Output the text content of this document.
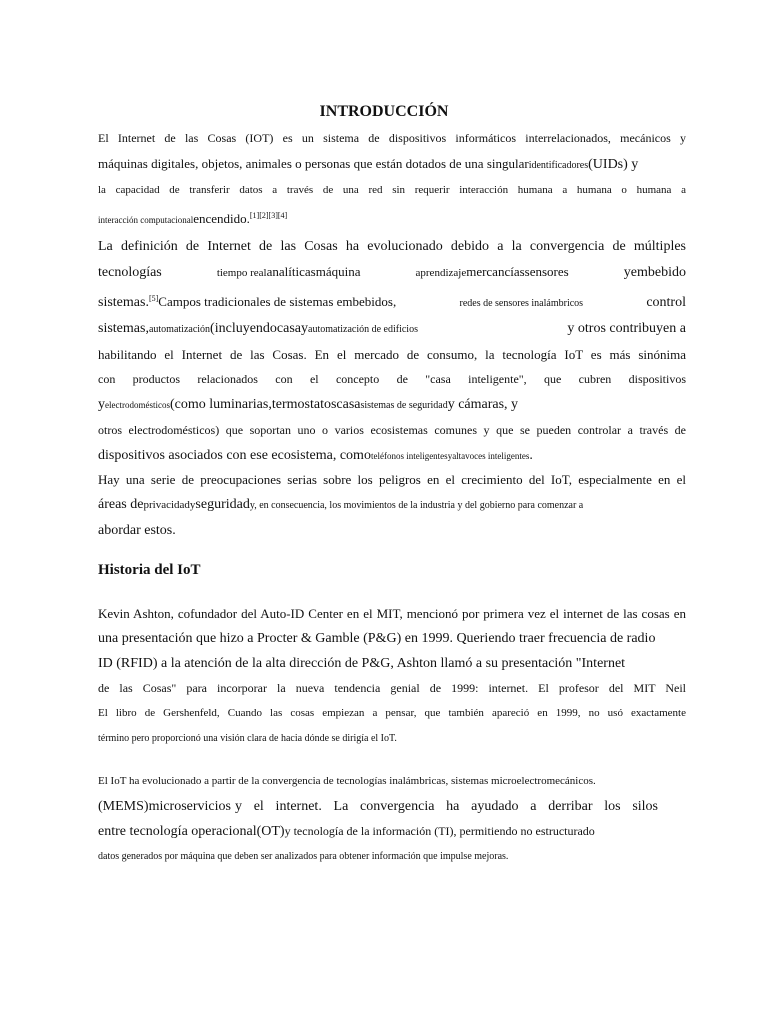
INTRODUCCIÓN
El Internet de las Cosas (IOT) es un sistema de dispositivos informáticos interrelacionados, mecánicos y
máquinas digitales, objetos, animales o personas que están dotados de una singularidentificadores(UIDs) y
la capacidad de transferir datos a través de una red sin requerir interacción humana a humana o humana a
interacción computacionalencendido.[1][2][3][4]
La definición de Internet de las Cosas ha evolucionado debido a la convergencia de múltiples
tecnologías	tiempo realanalíticasmáquina	aprendizajemercancíassensores	yembebido
sistemas.[5]Campos tradicionales de sistemas embebidos,	redes de sensores inalámbricos	control
sistemas,automatización(incluyendocasayautomatización de edificios	y otros contribuyen a
habilitando el Internet de las Cosas. En el mercado de consumo, la tecnología IoT es más sinónima
con productos relacionados con el concepto de "casa inteligente", que cubren dispositivos
yelectrodomésticos(como luminarias,termostatoscasasistemas de seguridady cámaras, y
otros electrodomésticos) que soportan uno o varios ecosistemas comunes y que se pueden controlar a través de
dispositivos asociados con ese ecosistema, comoteléfonos inteligentesyaltavoces inteligentes.
Hay una serie de preocupaciones serias sobre los peligros en el crecimiento del IoT, especialmente en el
áreas deprivacidadyseguridady, en consecuencia, los movimientos de la industria y del gobierno para comenzar a
abordar estos.
Historia del IoT
Kevin Ashton, cofundador del Auto-ID Center en el MIT, mencionó por primera vez el internet de las cosas en
una presentación que hizo a Procter & Gamble (P&G) en 1999. Queriendo traer frecuencia de radio
ID (RFID) a la atención de la alta dirección de P&G, Ashton llamó a su presentación "Internet
de las Cosas" para incorporar la nueva tendencia genial de 1999: internet. El profesor del MIT Neil
El libro de Gershenfeld, Cuando las cosas empiezan a pensar, que también apareció en 1999, no usó exactamente
término pero proporcionó una visión clara de hacia dónde se dirigía el IoT.
El IoT ha evolucionado a partir de la convergencia de tecnologías inalámbricas, sistemas microelectromecánicos.
(MEMS)microservicios y el internet. La convergencia ha ayudado a derribar los silos
entre tecnología operacional(OT)y tecnología de la información (TI), permitiendo no estructurado
datos generados por máquina que deben ser analizados para obtener información que impulse mejoras.
